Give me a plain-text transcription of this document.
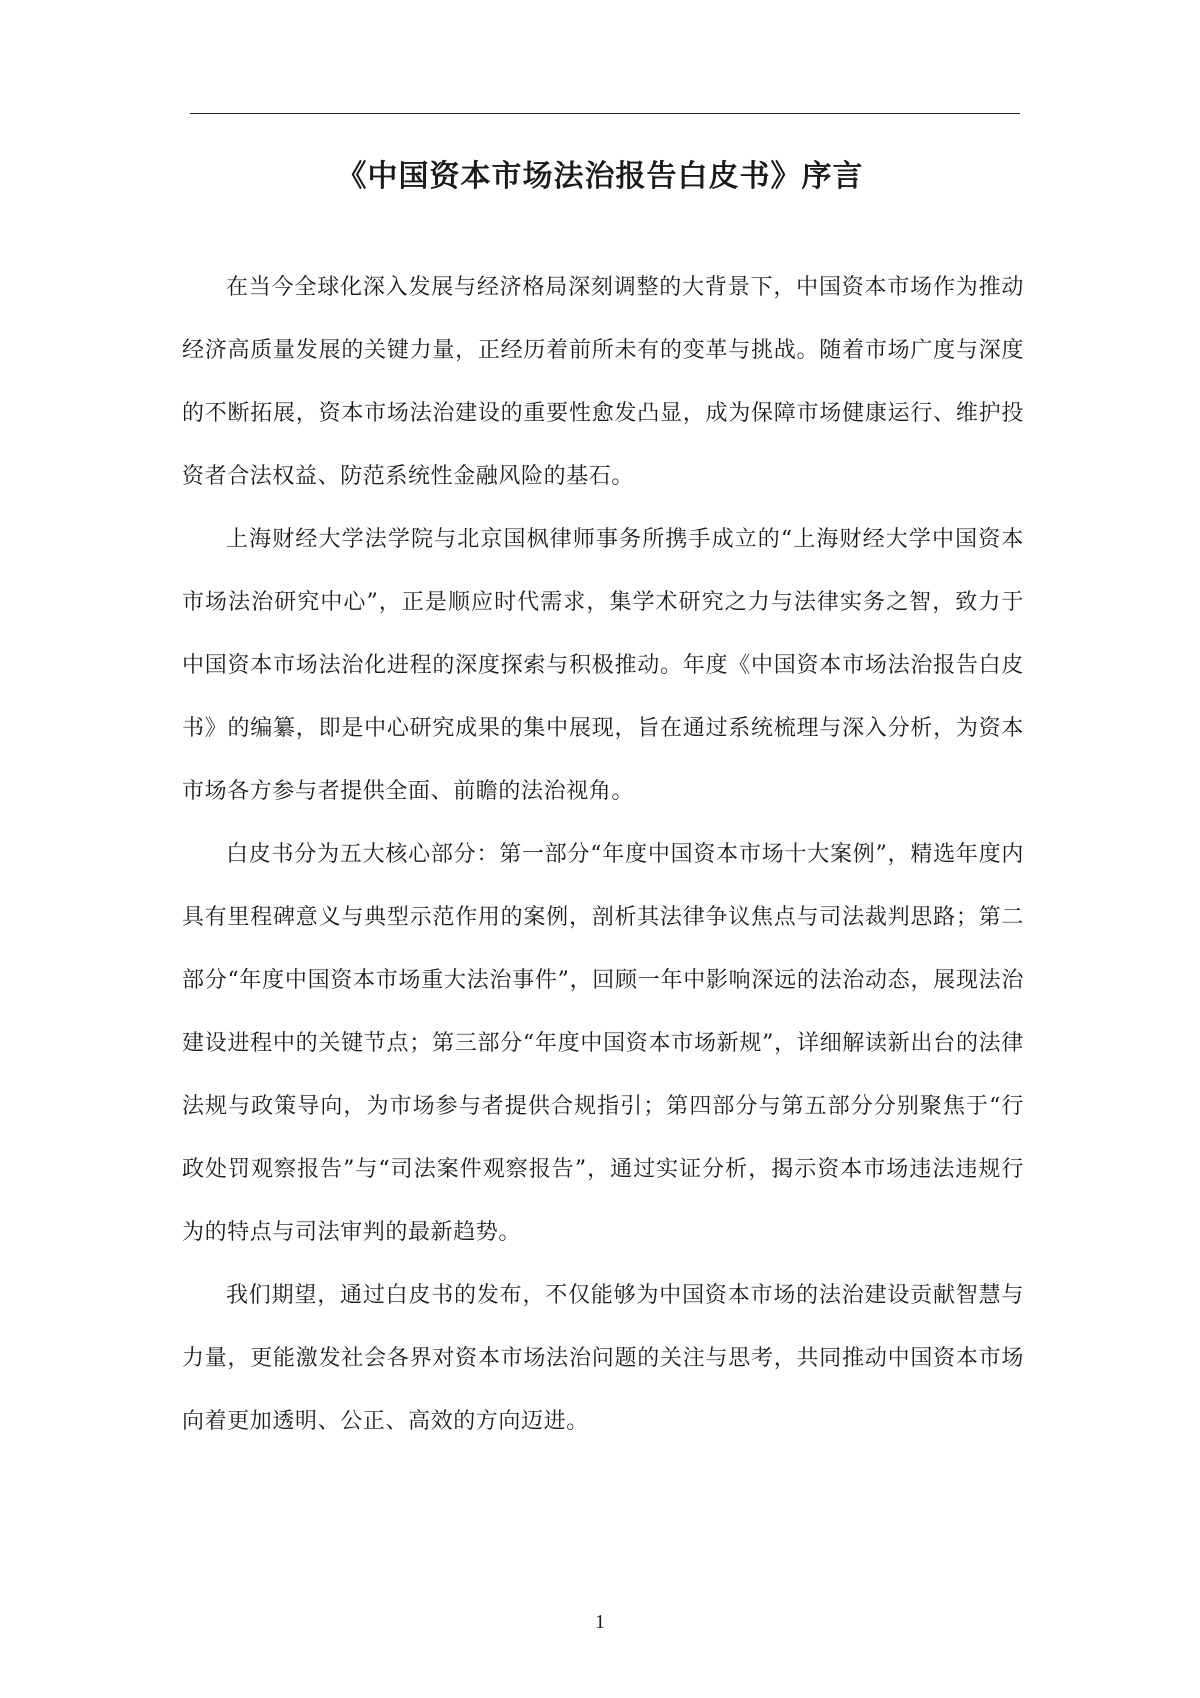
《中国资本市场法治报告白皮书》序言

在当今全球化深入发展与经济格局深刻调整的大背景下，中国资本市场作为推动经济高质量发展的关键力量，正经历着前所未有的变革与挑战。随着市场广度与深度的不断拓展，资本市场法治建设的重要性愈发凸显，成为保障市场健康运行、维护投资者合法权益、防范系统性金融风险的基石。

上海财经大学法学院与北京国枫律师事务所携手成立的“上海财经大学中国资本市场法治研究中心”，正是顺应时代需求，集学术研究之力与法律实务之智，致力于中国资本市场法治化进程的深度探索与积极推动。年度《中国资本市场法治报告白皮书》的编纂，即是中心研究成果的集中展现，旨在通过系统梳理与深入分析，为资本市场各方参与者提供全面、前瞻的法治视角。

白皮书分为五大核心部分：第一部分“年度中国资本市场十大案例”，精选年度内具有里程碑意义与典型示范作用的案例，剖析其法律争议焦点与司法裁判思路；第二部分“年度中国资本市场重大法治事件”，回顾一年中影响深远的法治动态，展现法治建设进程中的关键节点；第三部分“年度中国资本市场新规”，详细解读新出台的法律法规与政策导向，为市场参与者提供合规指引；第四部分与第五部分分别聚焦于“行政处罚观察报告”与“司法案件观察报告”，通过实证分析，揭示资本市场违法违规行为的特点与司法审判的最新趋势。

我们期望，通过白皮书的发布，不仅能够为中国资本市场的法治建设贡献智慧与力量，更能激发社会各界对资本市场法治问题的关注与思考，共同推动中国资本市场向着更加透明、公正、高效的方向迈进。

1
